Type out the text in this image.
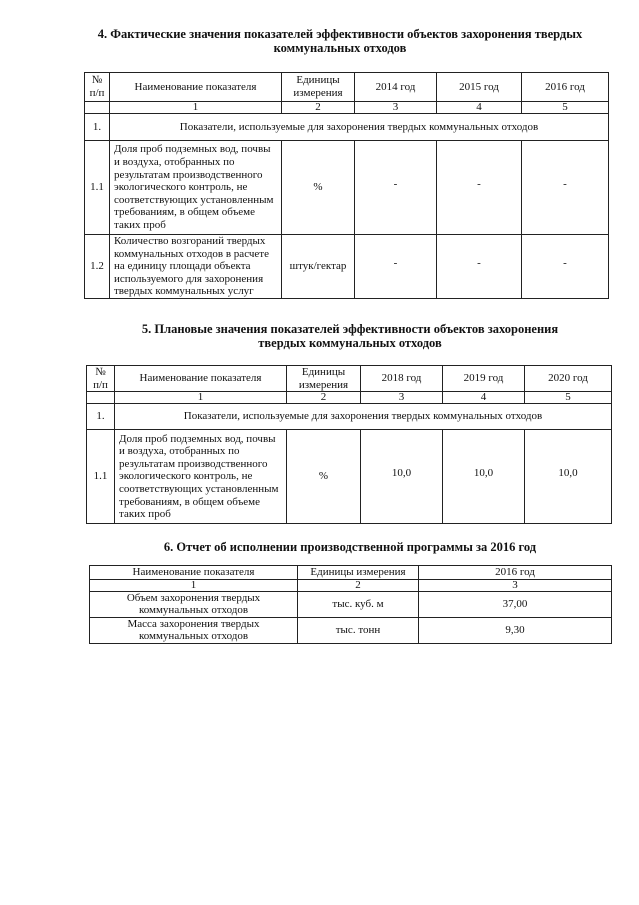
4. Фактические значения показателей эффективности объектов захоронения твердых коммунальных отходов
№ п/п	Наименование показателя	Единицы измерения	2014 год	2015 год	2016 год
	1	2	3	4	5
1.	Показатели, используемые для захоронения твердых коммунальных отходов				
1.1	Доля проб подземных вод, почвы и воздуха, отобранных по результатам производственного экологического контроль, не соответствующих установленным требованиям, в общем объеме таких проб	%	-	-	-
1.2	Количество возгораний твердых коммунальных отходов в расчете на единицу площади объекта используемого для захоронения твердых коммунальных услуг	штук/гектар	-	-	-
5. Плановые значения показателей эффективности объектов захоронения твердых коммунальных отходов
№ п/п	Наименование показателя	Единицы измерения	2018 год	2019 год	2020 год
	1	2	3	4	5
1.	Показатели, используемые для захоронения твердых коммунальных отходов				
1.1	Доля проб подземных вод, почвы и воздуха, отобранных по результатам производственного экологического контроль, не соответствующих установленным требованиям, в общем объеме таких проб	%	10,0	10,0	10,0
6. Отчет об исполнении производственной программы за 2016 год
Наименование показателя	Единицы измерения	2016 год
1	2	3
Объем захоронения твердых коммунальных отходов	тыс. куб. м	37,00
Масса захоронения твердых коммунальных отходов	тыс. тонн	9,30
